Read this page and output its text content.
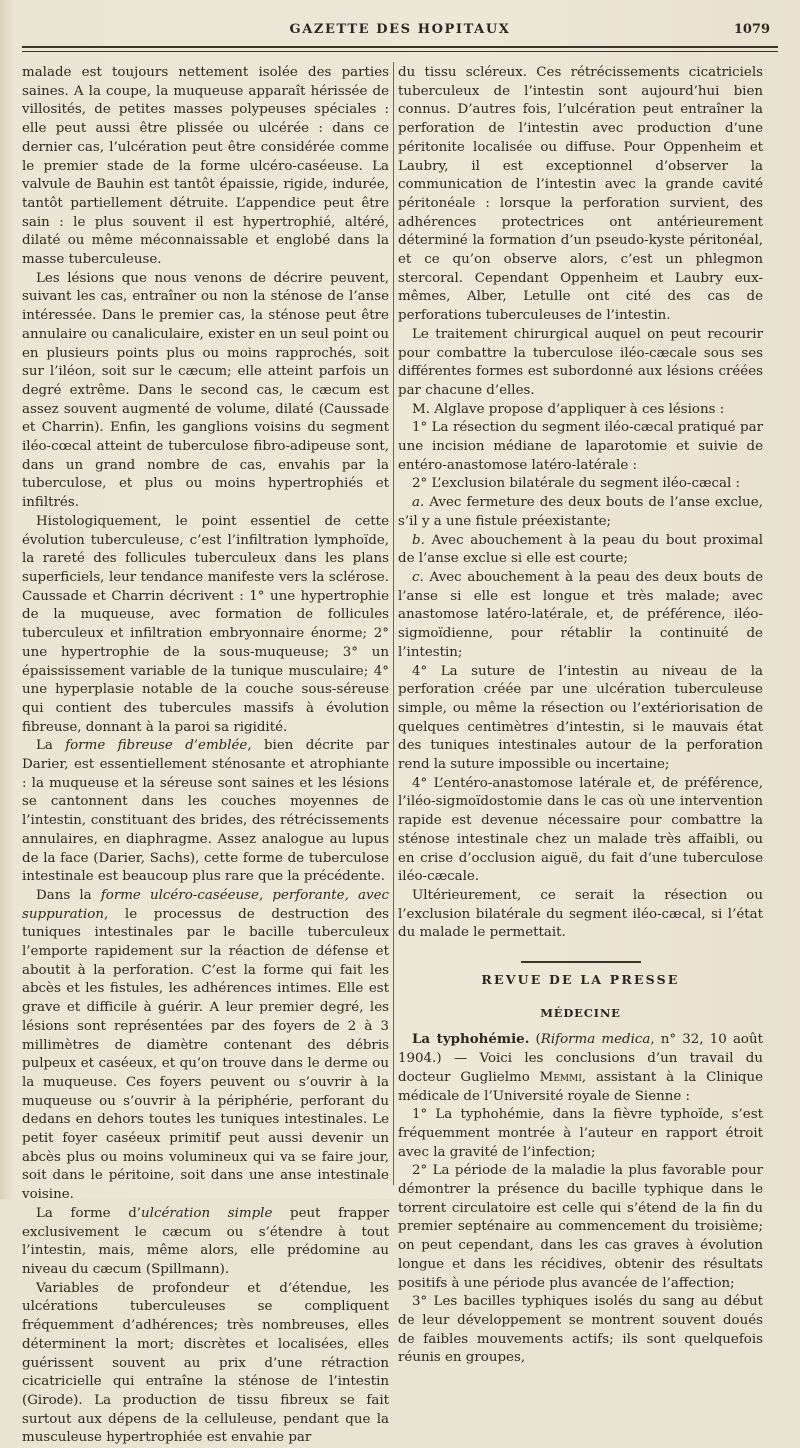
GAZETTE DES HOPITAUX	1079

malade est toujours nettement isolée des parties saines. A la coupe, la muqueuse apparaît hérissée de villosités, de petites masses polypeuses spéciales : elle peut aussi être plissée ou ulcérée : dans ce dernier cas, l’ulcération peut être considérée comme le premier stade de la forme ulcéro-caséeuse. La valvule de Bauhin est tantôt épaissie, rigide, indurée, tantôt partiellement détruite. L’appendice peut être sain : le plus souvent il est hypertrophié, altéré, dilaté ou même méconnaissable et englobé dans la masse tuberculeuse.

Les lésions que nous venons de décrire peuvent, suivant les cas, entraîner ou non la sténose de l’anse intéressée. Dans le premier cas, la sténose peut être annulaire ou canaliculaire, exister en un seul point ou en plusieurs points plus ou moins rapprochés, soit sur l’iléon, soit sur le cæcum; elle atteint parfois un degré extrême. Dans le second cas, le cæcum est assez souvent augmenté de volume, dilaté (Caussade et Charrin). Enfin, les ganglions voisins du segment iléo-cœcal atteint de tuberculose fibro-adipeuse sont, dans un grand nombre de cas, envahis par la tuberculose, et plus ou moins hypertrophiés et infiltrés.

Histologiquement, le point essentiel de cette évolution tuberculeuse, c’est l’infiltration lymphoïde, la rareté des follicules tuberculeux dans les plans superficiels, leur tendance manifeste vers la sclérose. Caussade et Charrin décrivent : 1° une hypertrophie de la muqueuse, avec formation de follicules tuberculeux et infiltration embryonnaire énorme; 2° une hypertrophie de la sous-muqueuse; 3° un épaississement variable de la tunique musculaire; 4° une hyperplasie notable de la couche sous-séreuse qui contient des tubercules massifs à évolution fibreuse, donnant à la paroi sa rigidité.

La forme fibreuse d’emblée, bien décrite par Darier, est essentiellement sténosante et atrophiante : la muqueuse et la séreuse sont saines et les lésions se cantonnent dans les couches moyennes de l’intestin, constituant des brides, des rétrécissements annulaires, en diaphragme. Assez analogue au lupus de la face (Darier, Sachs), cette forme de tuberculose intestinale est beaucoup plus rare que la précédente.

Dans la forme ulcéro-caséeuse, perforante, avec suppuration, le processus de destruction des tuniques intestinales par le bacille tuberculeux l’emporte rapidement sur la réaction de défense et aboutit à la perforation. C’est la forme qui fait les abcès et les fistules, les adhérences intimes. Elle est grave et difficile à guérir. A leur premier degré, les lésions sont représentées par des foyers de 2 à 3 millimètres de diamètre contenant des débris pulpeux et caséeux, et qu’on trouve dans le derme ou la muqueuse. Ces foyers peuvent ou s’ouvrir à la muqueuse ou s’ouvrir à la périphérie, perforant du dedans en dehors toutes les tuniques intestinales. Le petit foyer caséeux primitif peut aussi devenir un abcès plus ou moins volumineux qui va se faire jour, soit dans le péritoine, soit dans une anse intestinale voisine.

La forme d’ulcération simple peut frapper exclusivement le cæcum ou s’étendre à tout l’intestin, mais, même alors, elle prédomine au niveau du cæcum (Spillmann).

Variables de profondeur et d’étendue, les ulcérations tuberculeuses se compliquent fréquemment d’adhérences; très nombreuses, elles déterminent la mort; discrètes et localisées, elles guérissent souvent au prix d’une rétraction cicatricielle qui entraîne la sténose de l’intestin (Girode). La production de tissu fibreux se fait surtout aux dépens de la celluleuse, pendant que la musculeuse hypertrophiée est envahie par

du tissu scléreux. Ces rétrécissements cicatriciels tuberculeux de l’intestin sont aujourd’hui bien connus. D’autres fois, l’ulcération peut entraîner la perforation de l’intestin avec production d’une péritonite localisée ou diffuse. Pour Oppenheim et Laubry, il est exceptionnel d’observer la communication de l’intestin avec la grande cavité péritonéale : lorsque la perforation survient, des adhérences protectrices ont antérieurement déterminé la formation d’un pseudo-kyste péritonéal, et ce qu’on observe alors, c’est un phlegmon stercoral. Cependant Oppenheim et Laubry eux-mêmes, Alber, Letulle ont cité des cas de perforations tuberculeuses de l’intestin.

Le traitement chirurgical auquel on peut recourir pour combattre la tuberculose iléo-cæcale sous ses différentes formes est subordonné aux lésions créées par chacune d’elles.

M. Alglave propose d’appliquer à ces lésions :

1° La résection du segment iléo-cæcal pratiqué par une incision médiane de laparotomie et suivie de entéro-anastomose latéro-latérale :

2° L’exclusion bilatérale du segment iléo-cæcal :

a. Avec fermeture des deux bouts de l’anse exclue, s’il y a une fistule préexistante;

b. Avec abouchement à la peau du bout proximal de l’anse exclue si elle est courte;

c. Avec abouchement à la peau des deux bouts de l’anse si elle est longue et très malade; avec anastomose latéro-latérale, et, de préférence, iléo-sigmoïdienne, pour rétablir la continuité de l’intestin;

4° La suture de l’intestin au niveau de la perforation créée par une ulcération tuberculeuse simple, ou même la résection ou l’extériorisation de quelques centimètres d’intestin, si le mauvais état des tuniques intestinales autour de la perforation rend la suture impossible ou incertaine;

4° L’entéro-anastomose latérale et, de préférence, l’iléo-sigmoïdostomie dans le cas où une intervention rapide est devenue nécessaire pour combattre la sténose intestinale chez un malade très affaibli, ou en crise d’occlusion aiguë, du fait d’une tuberculose iléo-cæcale.

Ultérieurement, ce serait la résection ou l’exclusion bilatérale du segment iléo-cæcal, si l’état du malade le permettait.

REVUE DE LA PRESSE
MÉDECINE

La typhohémie. (Riforma medica, n° 32, 10 août 1904.) — Voici les conclusions d’un travail du docteur Guglielmo Memmi, assistant à la Clinique médicale de l’Université royale de Sienne :

1° La typhohémie, dans la fièvre typhoïde, s’est fréquemment montrée à l’auteur en rapport étroit avec la gravité de l’infection;

2° La période de la maladie la plus favorable pour démontrer la présence du bacille typhique dans le torrent circulatoire est celle qui s’étend de la fin du premier septénaire au commencement du troisième; on peut cependant, dans les cas graves à évolution longue et dans les récidives, obtenir des résultats positifs à une période plus avancée de l’affection;

3° Les bacilles typhiques isolés du sang au début de leur développement se montrent souvent doués de faibles mouvements actifs; ils sont quelquefois réunis en groupes,
